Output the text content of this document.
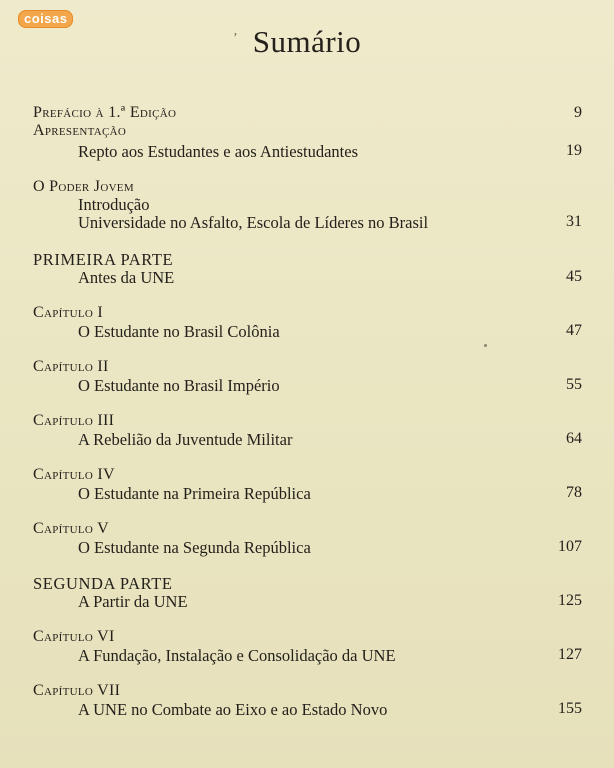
coisas
’ Sumário
Prefácio à 1.ª Edição	9
Apresentação
Repto aos Estudantes e aos Antiestudantes	19
O Poder Jovem
Introdução
Universidade no Asfalto, Escola de Líderes no Brasil	31
PRIMEIRA PARTE
Antes da UNE	45
Capítulo I
O Estudante no Brasil Colônia	47
Capítulo II
O Estudante no Brasil Império	55
Capítulo III
A Rebelião da Juventude Militar	64
Capítulo IV
O Estudante na Primeira República	78
Capítulo V
O Estudante na Segunda República	107
SEGUNDA PARTE
A Partir da UNE	125
Capítulo VI
A Fundação, Instalação e Consolidação da UNE	127
Capítulo VII
A UNE no Combate ao Eixo e ao Estado Novo	155
